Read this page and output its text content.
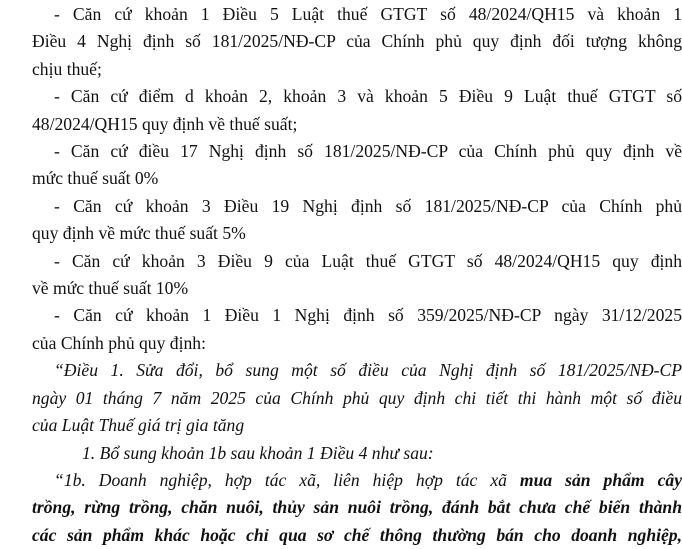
- Căn cứ khoản 1 Điều 5 Luật thuế GTGT số 48/2024/QH15 và khoản 1
Điều 4 Nghị định số 181/2025/NĐ-CP của Chính phủ quy định đối tượng không
chịu thuế;
- Căn cứ điểm d khoản 2, khoản 3 và khoản 5 Điều 9 Luật thuế GTGT số
48/2024/QH15 quy định về thuế suất;
- Căn cứ điều 17 Nghị định số 181/2025/NĐ-CP của Chính phủ quy định về
mức thuế suất 0%
- Căn cứ khoản 3 Điều 19 Nghị định số 181/2025/NĐ-CP của Chính phủ
quy định về mức thuế suất 5%
- Căn cứ khoản 3 Điều 9 của Luật thuế GTGT số 48/2024/QH15 quy định
về mức thuế suất 10%
- Căn cứ khoản 1 Điều 1 Nghị định số 359/2025/NĐ-CP ngày 31/12/2025
của Chính phủ quy định:
“Điều 1. Sửa đổi, bổ sung một số điều của Nghị định số 181/2025/NĐ-CP
ngày 01 tháng 7 năm 2025 của Chính phủ quy định chi tiết thi hành một số điều
của Luật Thuế giá trị gia tăng
1. Bổ sung khoản 1b sau khoản 1 Điều 4 như sau:
“1b. Doanh nghiệp, hợp tác xã, liên hiệp hợp tác xã mua sản phẩm cây
trồng, rừng trồng, chăn nuôi, thủy sản nuôi trồng, đánh bắt chưa chế biến thành
các sản phẩm khác hoặc chỉ qua sơ chế thông thường bán cho doanh nghiệp,
